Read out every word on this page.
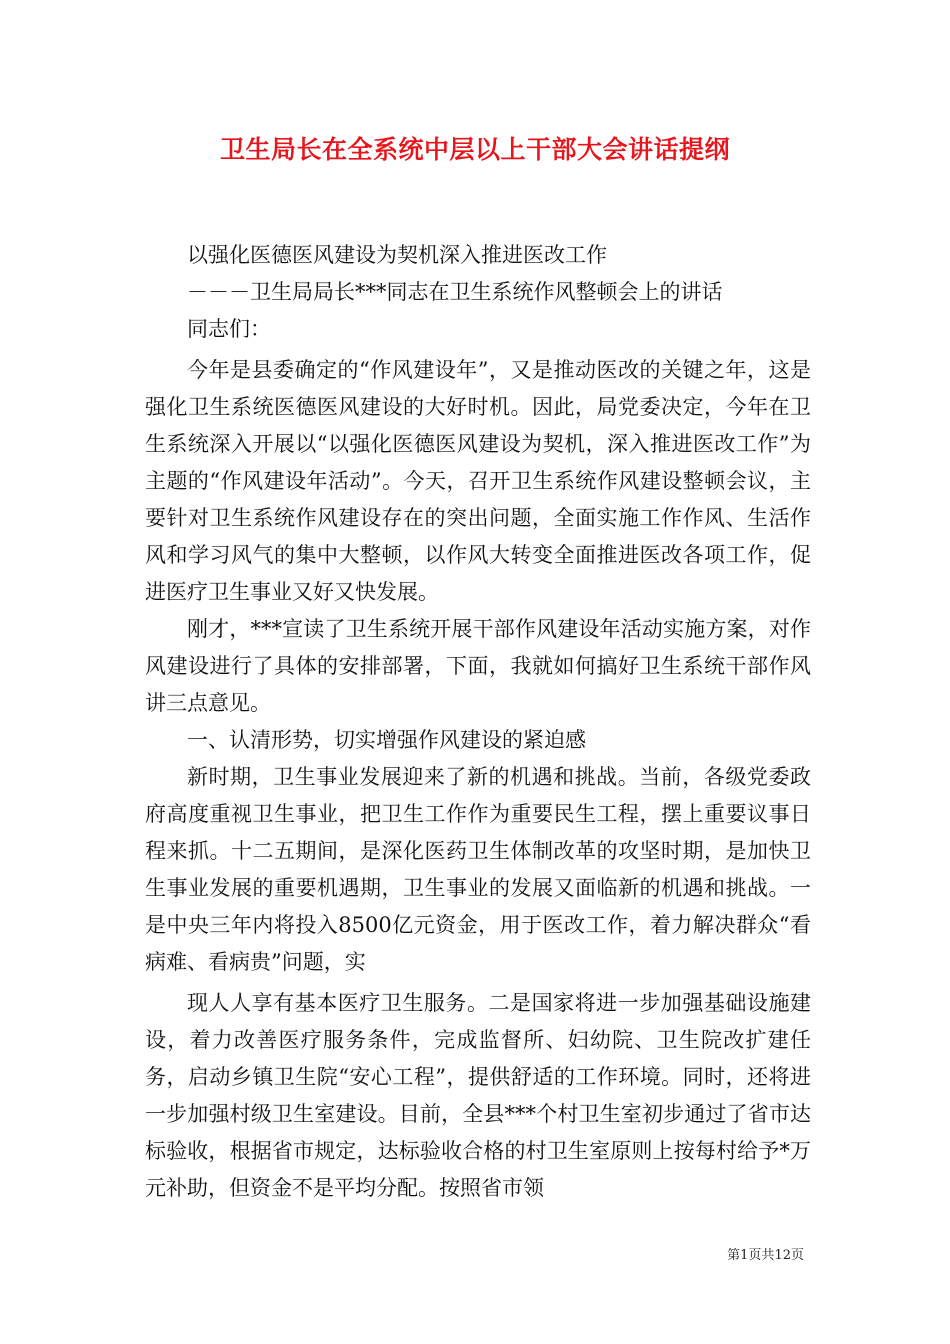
卫生局长在全系统中层以上干部大会讲话提纲

以强化医德医风建设为契机深入推进医改工作

－－－卫生局局长***同志在卫生系统作风整顿会上的讲话

同志们：

今年是县委确定的“作风建设年”，又是推动医改的关键之年，这是强化卫生系统医德医风建设的大好时机。因此，局党委决定，今年在卫生系统深入开展以“以强化医德医风建设为契机，深入推进医改工作”为主题的“作风建设年活动”。今天，召开卫生系统作风建设整顿会议，主要针对卫生系统作风建设存在的突出问题，全面实施工作作风、生活作风和学习风气的集中大整顿，以作风大转变全面推进医改各项工作，促进医疗卫生事业又好又快发展。

刚才，***宣读了卫生系统开展干部作风建设年活动实施方案，对作风建设进行了具体的安排部署，下面，我就如何搞好卫生系统干部作风讲三点意见。

一、认清形势，切实增强作风建设的紧迫感

新时期，卫生事业发展迎来了新的机遇和挑战。当前，各级党委政府高度重视卫生事业，把卫生工作作为重要民生工程，摆上重要议事日程来抓。十二五期间，是深化医药卫生体制改革的攻坚时期，是加快卫生事业发展的重要机遇期，卫生事业的发展又面临新的机遇和挑战。一是中央三年内将投入8500亿元资金，用于医改工作，着力解决群众“看病难、看病贵”问题，实

现人人享有基本医疗卫生服务。二是国家将进一步加强基础设施建设，着力改善医疗服务条件，完成监督所、妇幼院、卫生院改扩建任务，启动乡镇卫生院“安心工程”，提供舒适的工作环境。同时，还将进一步加强村级卫生室建设。目前，全县***个村卫生室初步通过了省市达标验收，根据省市规定，达标验收合格的村卫生室原则上按每村给予*万元补助，但资金不是平均分配。按照省市领

第1页共12页
